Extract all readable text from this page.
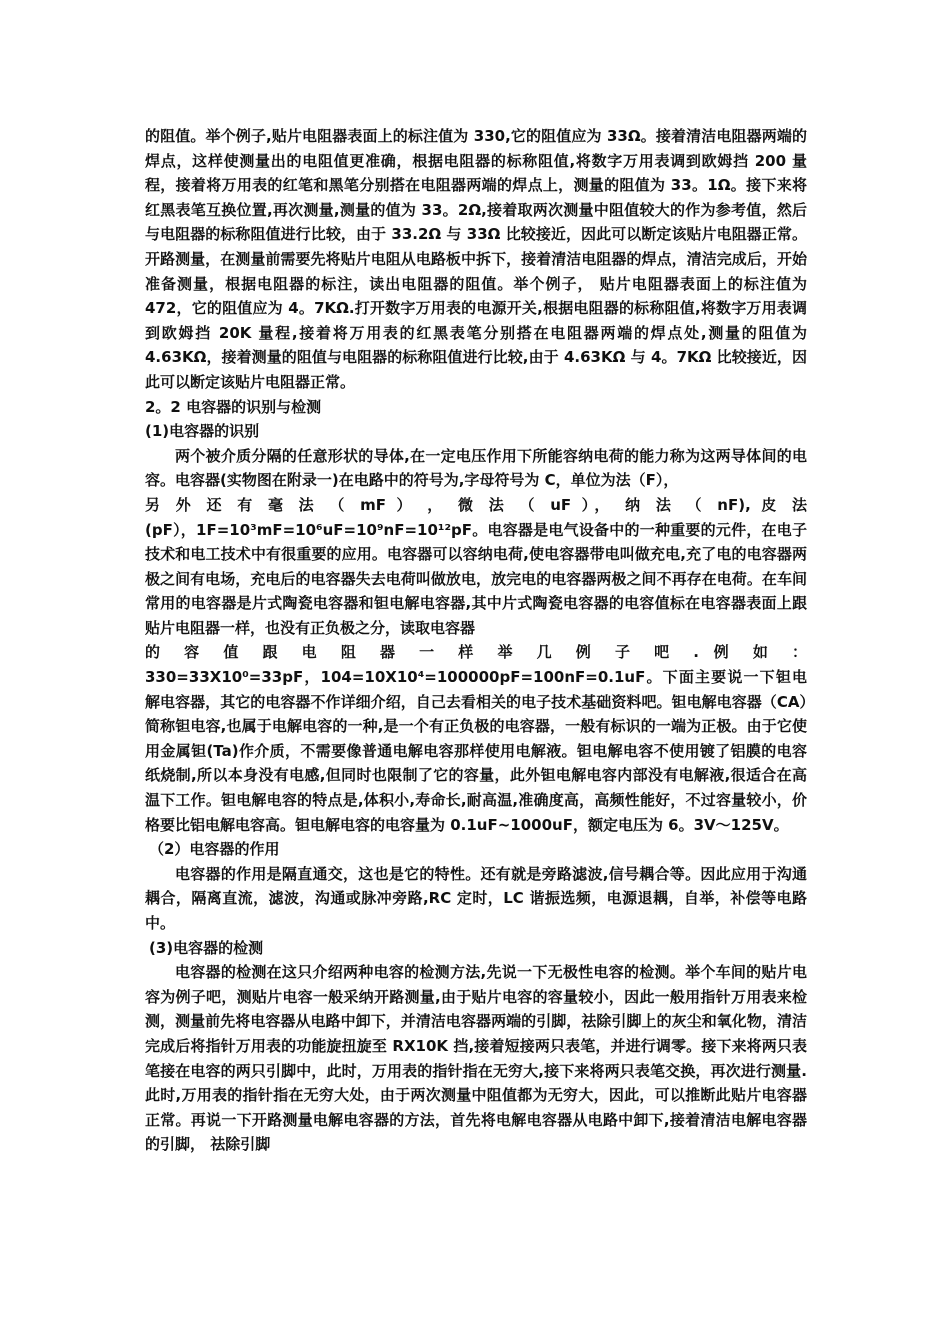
的阻值。举个例子,贴片电阻器表面上的标注值为 330,它的阻值应为 33Ω。接着清洁电阻器两端的焊点，这样使测量出的电阻值更准确，根据电阻器的标称阻值,将数字万用表调到欧姆挡 200 量程，接着将万用表的红笔和黑笔分别搭在电阻器两端的焊点上，测量的阻值为 33。1Ω。接下来将红黑表笔互换位置,再次测量,测量的值为 33。2Ω,接着取两次测量中阻值较大的作为参考值，然后与电阻器的标称阻值进行比较，由于 33.2Ω 与 33Ω 比较接近，因此可以断定该贴片电阻器正常。开路测量，在测量前需要先将贴片电阻从电路板中拆下，接着清洁电阻器的焊点，清洁完成后，开始准备测量，根据电阻器的标注，读出电阻器的阻值。举个例子， 贴片电阻器表面上的标注值为 472，它的阻值应为 4。7KΩ.打开数字万用表的电源开关,根据电阻器的标称阻值,将数字万用表调到欧姆挡 20K 量程,接着将万用表的红黑表笔分别搭在电阻器两端的焊点处,测量的阻值为 4.63KΩ，接着测量的阻值与电阻器的标称阻值进行比较,由于 4.63KΩ 与 4。7KΩ 比较接近，因此可以断定该贴片电阻器正常。

2。2 电容器的识别与检测

(1)电容器的识别

两个被介质分隔的任意形状的导体,在一定电压作用下所能容纳电荷的能力称为这两导体间的电容。电容器(实物图在附录一)在电路中的符号为,字母符号为 C，单位为法（F），

另 外 还 有 毫 法 （ mF ） ， 微 法 （ uF ）， 纳 法 （ nF), 皮 法

(pF），1F=10³mF=10⁶uF=10⁹nF=10¹²pF。电容器是电气设备中的一种重要的元件，在电子技术和电工技术中有很重要的应用。电容器可以容纳电荷,使电容器带电叫做充电,充了电的电容器两极之间有电场，充电后的电容器失去电荷叫做放电，放完电的电容器两极之间不再存在电荷。在车间常用的电容器是片式陶瓷电容器和钽电解电容器,其中片式陶瓷电容器的电容值标在电容器表面上跟贴片电阻器一样，也没有正负极之分，读取电容器

的 容 值 跟 电 阻 器 一 样 举 几 例 子 吧 . 例 如 ：

330=33X10⁰=33pF，104=10X10⁴=100000pF=100nF=0.1uF。下面主要说一下钽电解电容器，其它的电容器不作详细介绍，自己去看相关的电子技术基础资料吧。钽电解电容器（CA）简称钽电容,也属于电解电容的一种,是一个有正负极的电容器，一般有标识的一端为正极。由于它使用金属钽(Ta)作介质，不需要像普通电解电容那样使用电解液。钽电解电容不使用镀了铝膜的电容纸烧制,所以本身没有电感,但同时也限制了它的容量，此外钽电解电容内部没有电解液,很适合在高温下工作。钽电解电容的特点是,体积小,寿命长,耐高温,准确度高，高频性能好，不过容量较小，价格要比铝电解电容高。钽电解电容的电容量为 0.1uF~1000uF，额定电压为 6。3V～125V。

（2）电容器的作用

电容器的作用是隔直通交，这也是它的特性。还有就是旁路滤波,信号耦合等。因此应用于沟通耦合，隔离直流，滤波，沟通或脉冲旁路,RC 定时，LC 谐振选频，电源退耦，自举，补偿等电路中。

(3)电容器的检测

电容器的检测在这只介绍两种电容的检测方法,先说一下无极性电容的检测。举个车间的贴片电容为例子吧，测贴片电容一般采纳开路测量,由于贴片电容的容量较小，因此一般用指针万用表来检测，测量前先将电容器从电路中卸下，并清洁电容器两端的引脚，祛除引脚上的灰尘和氧化物，清洁完成后将指针万用表的功能旋扭旋至 RX10K 挡,接着短接两只表笔，并进行调零。接下来将两只表笔接在电容的两只引脚中，此时，万用表的指针指在无穷大,接下来将两只表笔交换，再次进行测量.此时,万用表的指针指在无穷大处，由于两次测量中阻值都为无穷大，因此，可以推断此贴片电容器正常。再说一下开路测量电解电容器的方法，首先将电解电容器从电路中卸下,接着清洁电解电容器的引脚， 祛除引脚
